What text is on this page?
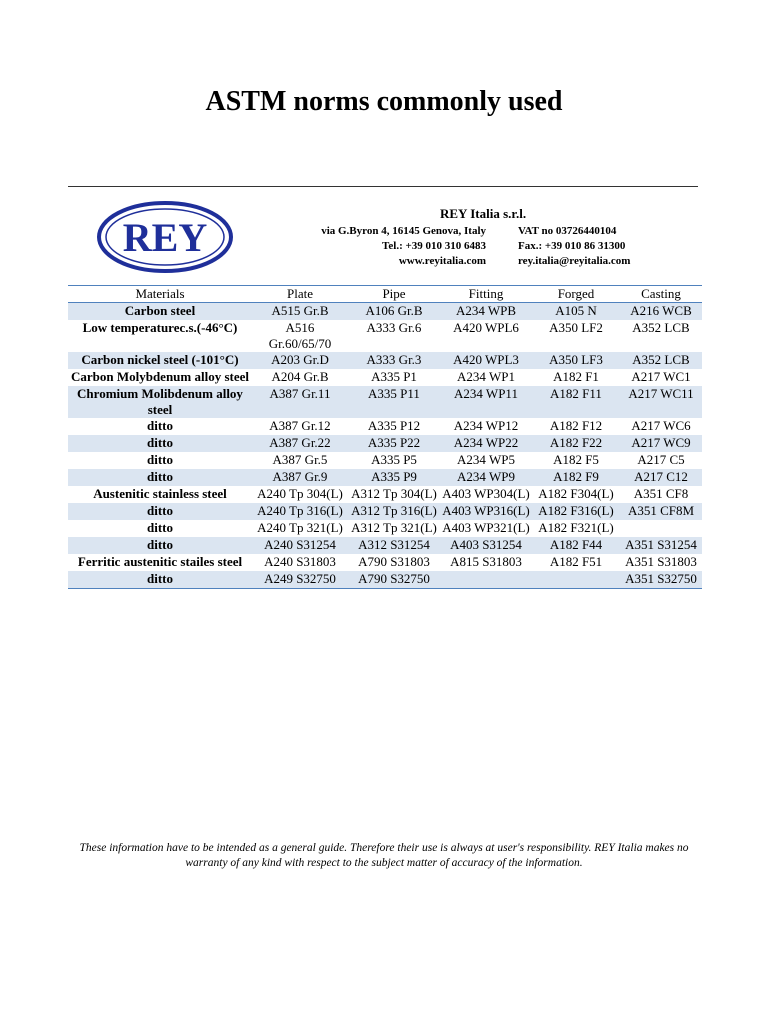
ASTM norms commonly used
REY
REY Italia s.r.l.
via G.Byron 4, 16145 Genova, Italy
Tel.: +39 010 310 6483
www.reyitalia.com
VAT no 03726440104
Fax.: +39 010 86 31300
rey.italia@reyitalia.com
Materials	Plate	Pipe	Fitting	Forged	Casting
Carbon steel	A515 Gr.B	A106 Gr.B	A234 WPB	A105 N	A216 WCB
Low temperaturec.s.(-46°C)	A516 Gr.60/65/70	A333 Gr.6	A420 WPL6	A350 LF2	A352 LCB
Carbon nickel steel (-101°C)	A203 Gr.D	A333 Gr.3	A420 WPL3	A350 LF3	A352 LCB
Carbon Molybdenum alloy steel	A204 Gr.B	A335 P1	A234 WP1	A182 F1	A217 WC1
Chromium Molibdenum alloy steel	A387 Gr.11	A335 P11	A234 WP11	A182 F11	A217 WC11
ditto	A387 Gr.12	A335 P12	A234 WP12	A182 F12	A217 WC6
ditto	A387 Gr.22	A335 P22	A234 WP22	A182 F22	A217 WC9
ditto	A387 Gr.5	A335 P5	A234 WP5	A182 F5	A217 C5
ditto	A387 Gr.9	A335 P9	A234 WP9	A182 F9	A217 C12
Austenitic stainless steel	A240 Tp 304(L)	A312 Tp 304(L)	A403 WP304(L)	A182 F304(L)	A351 CF8
ditto	A240 Tp 316(L)	A312 Tp 316(L)	A403 WP316(L)	A182 F316(L)	A351 CF8M
ditto	A240 Tp 321(L)	A312 Tp 321(L)	A403 WP321(L)	A182 F321(L)	
ditto	A240 S31254	A312 S31254	A403 S31254	A182 F44	A351 S31254
Ferritic austenitic stailes steel	A240 S31803	A790 S31803	A815 S31803	A182 F51	A351 S31803
ditto	A249 S32750	A790 S32750			A351 S32750
These information have to be intended as a general guide. Therefore their use is always at user's responsibility. REY Italia makes no warranty of any kind with respect to the subject matter of accuracy of the information.
